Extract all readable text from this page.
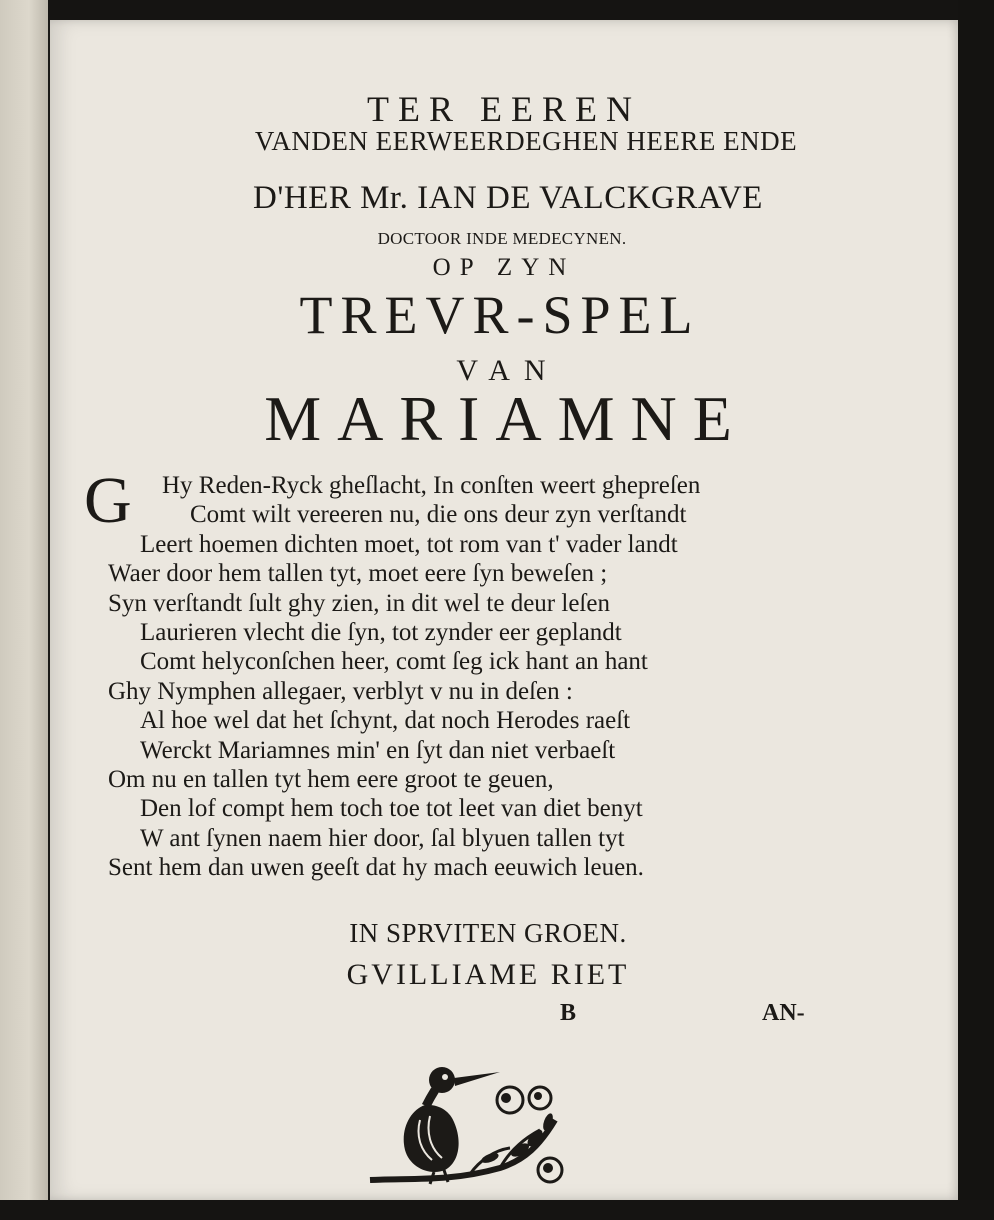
TER EEREN
VANDEN EERWEERDEGHEN HEERE ENDE
D'HER Mr. IAN DE VALCKGRAVE
DOCTOOR INDE MEDECYNEN.
OP ZYN
TREVR-SPEL
VAN
MARIAMNE
G Hy Reden-Ryck gheſlacht, In conſten weert ghepreſen
Comt wilt vereeren nu, die ons deur zyn verſtandt
Leert hoemen dichten moet, tot rom van t' vader landt
Waer door hem tallen tyt, moet eere ſyn beweſen ;
Syn verſtandt ſult ghy zien, in dit wel te deur leſen
Laurieren vlecht die ſyn, tot zynder eer geplandt
Comt helyconſchen heer, comt ſeg ick hant an hant
Ghy Nymphen allegaer, verblyt v nu in deſen :
Al hoe wel dat het ſchynt, dat noch Herodes raeſt
Werckt Mariamnes min' en ſyt dan niet verbaeſt
Om nu en tallen tyt hem eere groot te geuen,
Den lof compt hem toch toe tot leet van diet benyt
W ant ſynen naem hier door, ſal blyuen tallen tyt
Sent hem dan uwen geeſt dat hy mach eeuwich leuen.
IN SPRVITEN GROEN.
GVILLIAME RIET
B	AN-
